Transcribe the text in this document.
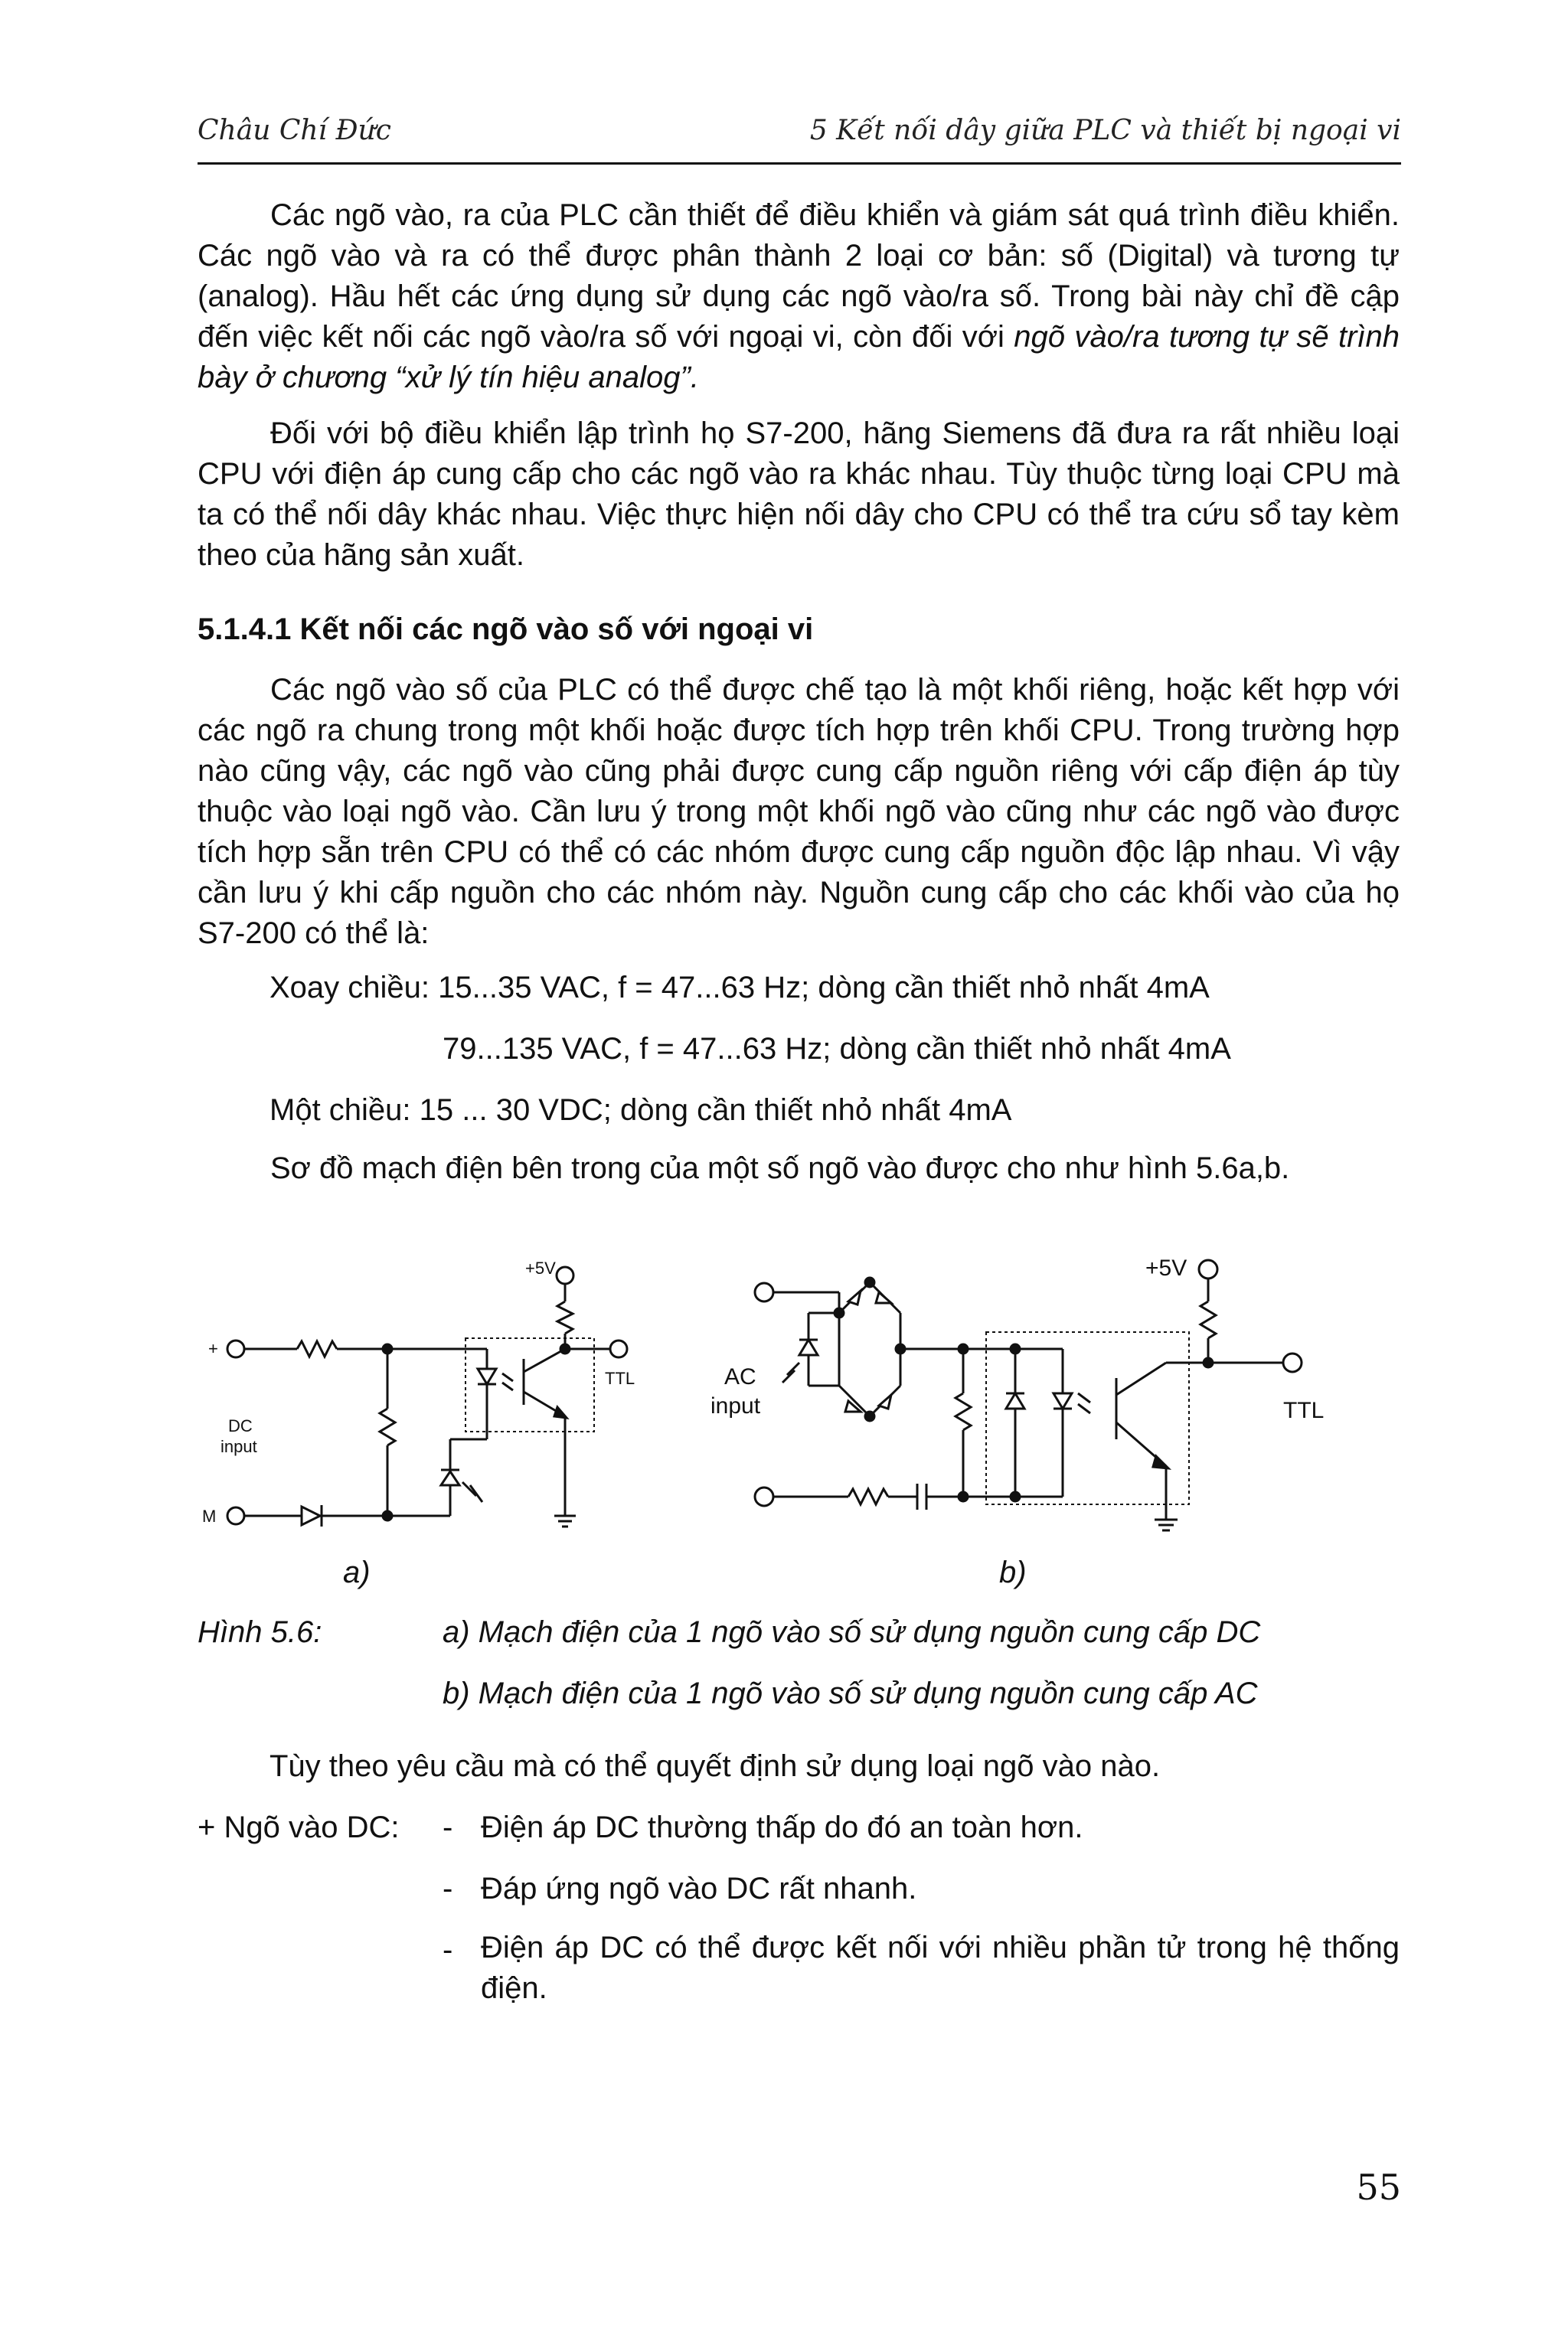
Châu Chí Đức	5 Kết nối dây giữa PLC và thiết bị ngoại vi

Các ngõ vào, ra của PLC cần thiết để điều khiển và giám sát quá trình điều khiển. Các ngõ vào và ra có thể được phân thành 2 loại cơ bản: số (Digital) và tương tự (analog). Hầu hết các ứng dụng sử dụng các ngõ vào/ra số. Trong bài này chỉ đề cập đến việc kết nối các ngõ vào/ra số với ngoại vi, còn đối với ngõ vào/ra tương tự sẽ trình bày ở chương “xử lý tín hiệu analog”.

Đối với bộ điều khiển lập trình họ S7-200, hãng Siemens đã đưa ra rất nhiều loại CPU với điện áp cung cấp cho các ngõ vào ra khác nhau. Tùy thuộc từng loại CPU mà ta có thể nối dây khác nhau. Việc thực hiện nối dây cho CPU có thể tra cứu sổ tay kèm theo của hãng sản xuất.

5.1.4.1 Kết nối các ngõ vào số với ngoại vi

Các ngõ vào số của PLC có thể được chế tạo là một khối riêng, hoặc kết hợp với các ngõ ra chung trong một khối hoặc được tích hợp trên khối CPU. Trong trường hợp nào cũng vậy, các ngõ vào cũng phải được cung cấp nguồn riêng với cấp điện áp tùy thuộc vào loại ngõ vào. Cần lưu ý trong một khối ngõ vào cũng như các ngõ vào được tích hợp sẵn trên CPU có thể có các nhóm được cung cấp nguồn độc lập nhau. Vì vậy cần lưu ý khi cấp nguồn cho các nhóm này. Nguồn cung cấp cho các khối vào của họ S7-200 có thể là:

Xoay chiều: 15...35 VAC, f = 47...63 Hz; dòng cần thiết nhỏ nhất 4mA
79...135 VAC, f = 47...63 Hz; dòng cần thiết nhỏ nhất 4mA
Một chiều: 15 ... 30 VDC; dòng cần thiết nhỏ nhất 4mA

Sơ đồ mạch điện bên trong của một số ngõ vào được cho như hình 5.6a,b.

+
+5V
TTL
DC
input
M
+5V
AC
input	TTL
a)	b)
Hình 5.6:	a) Mạch điện của 1 ngõ vào số sử dụng nguồn cung cấp DC
b) Mạch điện của 1 ngõ vào số sử dụng nguồn cung cấp AC
Tùy theo yêu cầu mà có thể quyết định sử dụng loại ngõ vào nào.
+ Ngõ vào DC: - Điện áp DC thường thấp do đó an toàn hơn.
- Đáp ứng ngõ vào DC rất nhanh.
- Điện áp DC có thể được kết nối với nhiều phần tử trong hệ thống điện.

55
